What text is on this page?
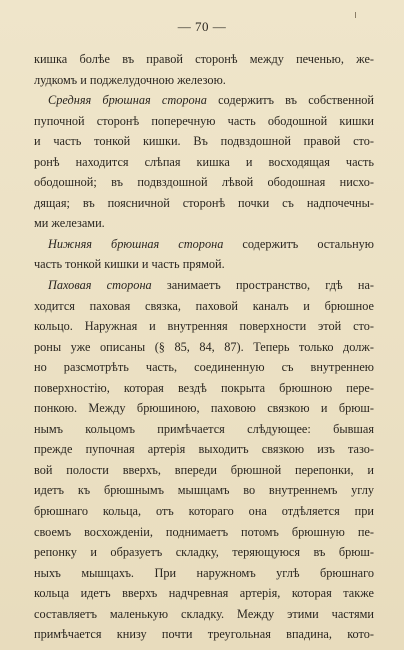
— 70 —
кишка болѣе въ правой сторонѣ между печенью, же-
лудкомъ и поджелудочною железою.
Средняя брюшная сторона содержитъ въ собственной
пупочной сторонѣ поперечную часть ободошной кишки
и часть тонкой кишки. Въ подвздошной правой сто-
ронѣ находится слѣпая кишка и восходящая часть
ободошной; въ подвздошной лѣвой ободошная нисхо-
дящая; въ поясничной сторонѣ почки съ надпочечны-
ми железами.
Нижняя брюшная сторона содержитъ остальную
часть тонкой кишки и часть прямой.
Паховая сторона занимаетъ пространство, гдѣ на-
ходится паховая связка, паховой каналъ и брюшное
кольцо. Наружная и внутренняя поверхности этой сто-
роны уже описаны (§ 85, 84, 87). Теперь только долж-
но разсмотрѣть часть, соединенную съ внутреннею
поверхностію, которая вездѣ покрыта брюшною пере-
понкою. Между брюшиною, паховою связкою и брюш-
нымъ кольцомъ примѣчается слѣдующее: бывшая
прежде пупочная артерія выходитъ связкою изъ тазо-
вой полости вверхъ, впереди брюшной перепонки, и
идетъ къ брюшнымъ мышцамъ во внутреннемъ углу
брюшнаго кольца, отъ котораго она отдѣляется при
своемъ восхожденіи, поднимаетъ потомъ брюшную пе-
репонку и образуетъ складку, теряющуюся въ брюш-
ныхъ мышцахъ. При наружномъ углѣ брюшнаго
кольца идетъ вверхъ надчревная артерія, которая также
составляетъ маленькую складку. Между этими частями
примѣчается книзу почти треугольная впадина, кото-
